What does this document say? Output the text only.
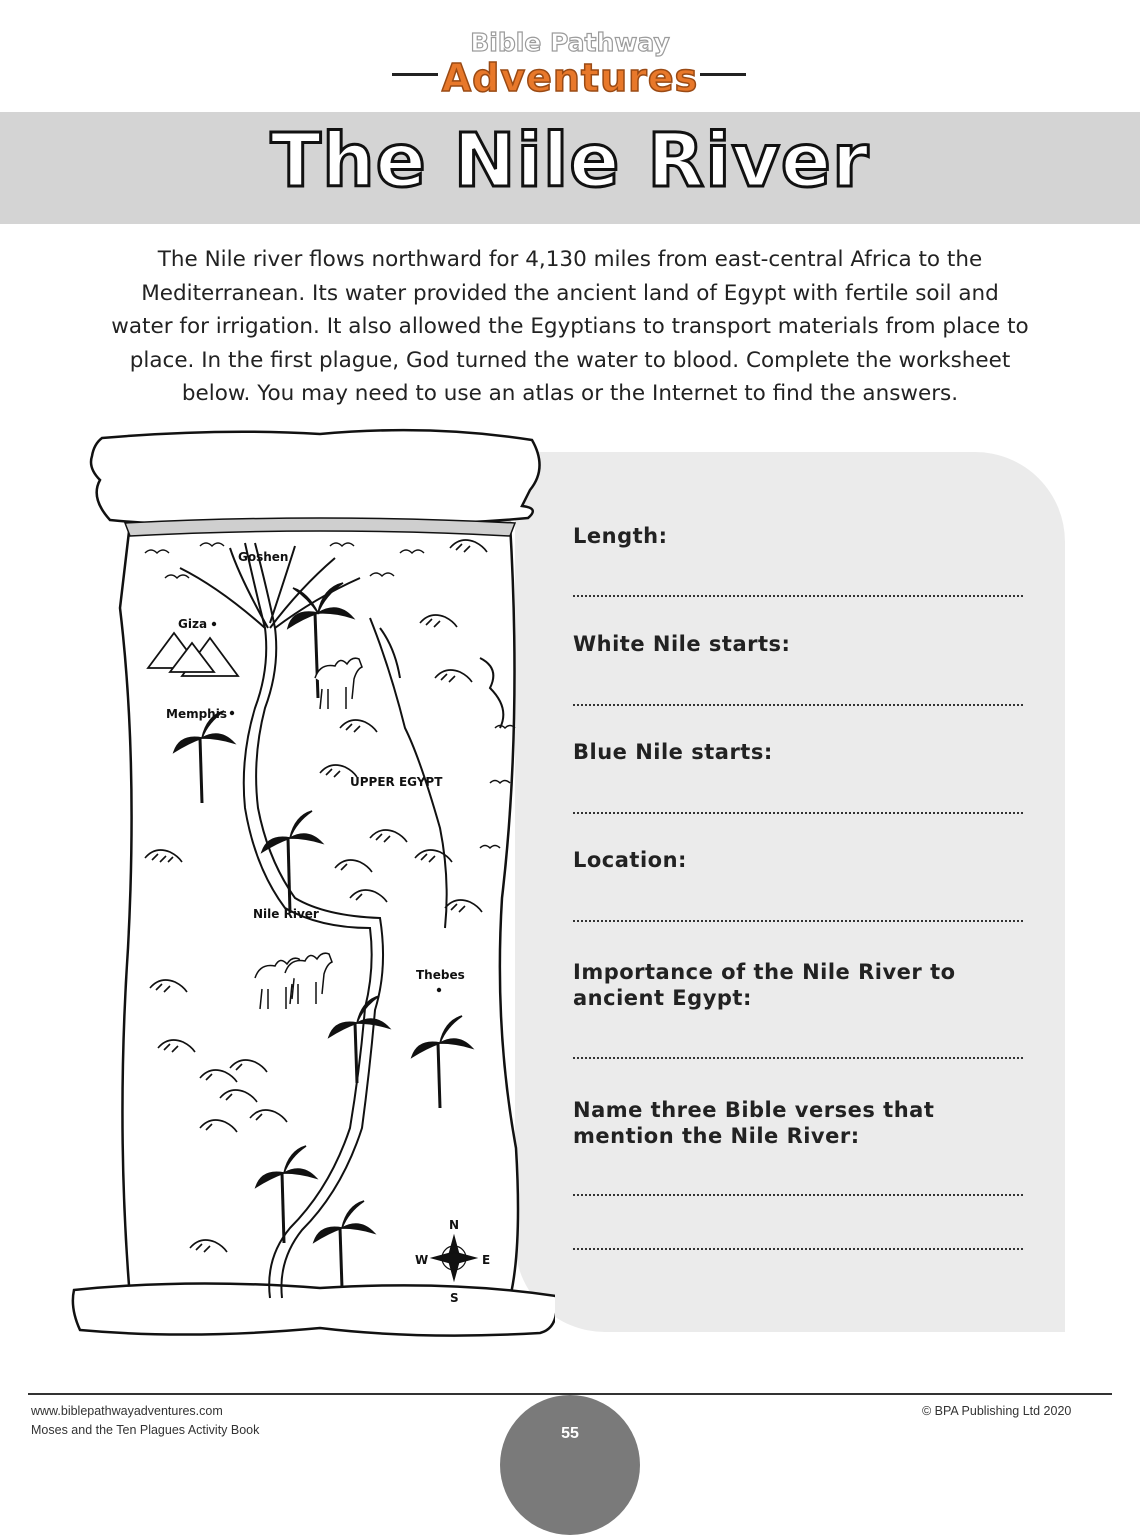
Bible Pathway
Adventures
The Nile River
The Nile river flows northward for 4,130 miles from east-central Africa to the Mediterranean. Its water provided the ancient land of Egypt with fertile soil and water for irrigation. It also allowed the Egyptians to transport materials from place to place. In the first plague, God turned the water to blood. Complete the worksheet below. You may need to use an atlas or the Internet to find the answers.
Goshen
Giza
Memphis
UPPER EGYPT
Nile River
Thebes
N
S
E
W
Length:
White Nile starts:
Blue Nile starts:
Location:
Importance of the Nile River to ancient Egypt:
Name three Bible verses that mention the Nile River:
www.biblepathwayadventures.com
Moses and the Ten Plagues Activity Book
© BPA Publishing Ltd 2020
55
